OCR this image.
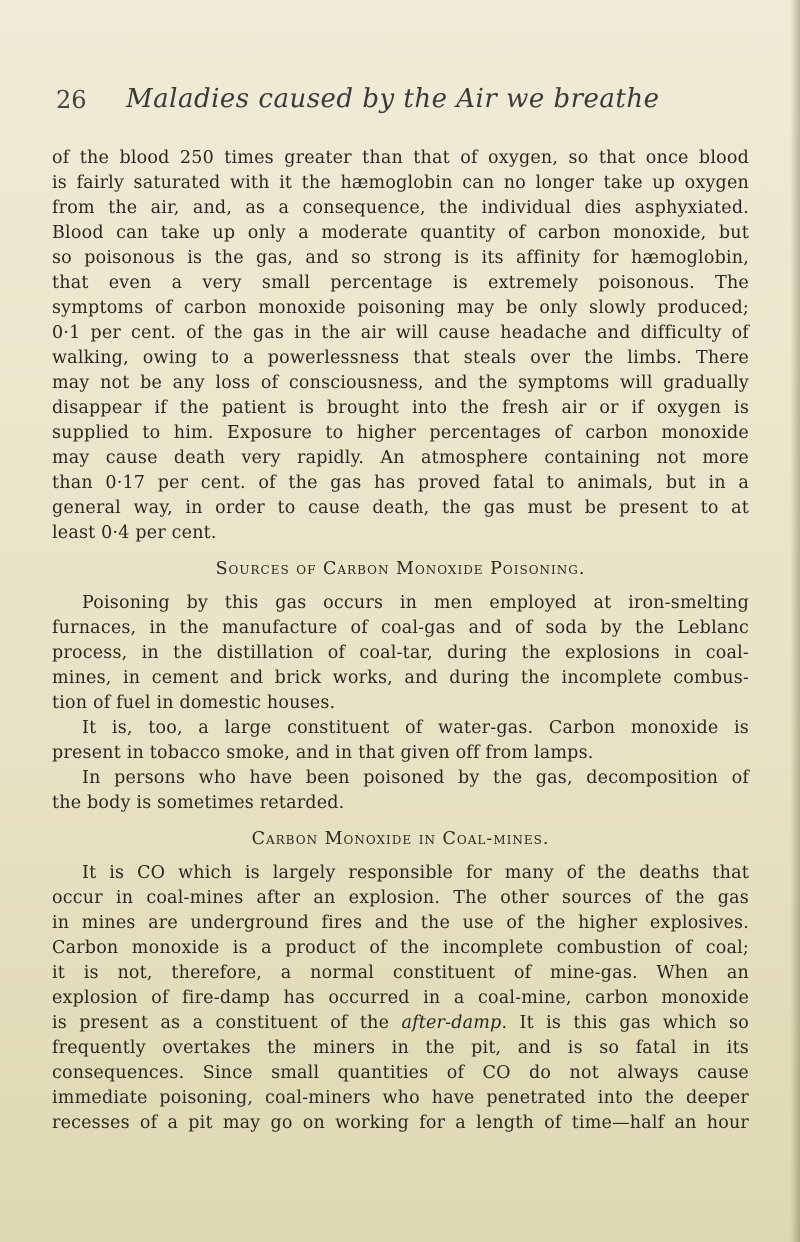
26 Maladies caused by the Air we breathe
of the blood 250 times greater than that of oxygen, so that once blood
is fairly saturated with it the hæmoglobin can no longer take up oxygen
from the air, and, as a consequence, the individual dies asphyxiated.
Blood can take up only a moderate quantity of carbon monoxide, but
so poisonous is the gas, and so strong is its affinity for hæmoglobin,
that even a very small percentage is extremely poisonous. The
symptoms of carbon monoxide poisoning may be only slowly produced;
0·1 per cent. of the gas in the air will cause headache and difficulty of
walking, owing to a powerlessness that steals over the limbs. There
may not be any loss of consciousness, and the symptoms will gradually
disappear if the patient is brought into the fresh air or if oxygen is
supplied to him. Exposure to higher percentages of carbon monoxide
may cause death very rapidly. An atmosphere containing not more
than 0·17 per cent. of the gas has proved fatal to animals, but in a
general way, in order to cause death, the gas must be present to at
least 0·4 per cent.
Sources of Carbon Monoxide Poisoning.
Poisoning by this gas occurs in men employed at iron-smelting
furnaces, in the manufacture of coal-gas and of soda by the Leblanc
process, in the distillation of coal-tar, during the explosions in coal-
mines, in cement and brick works, and during the incomplete combus-
tion of fuel in domestic houses.
It is, too, a large constituent of water-gas. Carbon monoxide is
present in tobacco smoke, and in that given off from lamps.
In persons who have been poisoned by the gas, decomposition of
the body is sometimes retarded.
Carbon Monoxide in Coal-mines.
It is CO which is largely responsible for many of the deaths that
occur in coal-mines after an explosion. The other sources of the gas
in mines are underground fires and the use of the higher explosives.
Carbon monoxide is a product of the incomplete combustion of coal;
it is not, therefore, a normal constituent of mine-gas. When an
explosion of fire-damp has occurred in a coal-mine, carbon monoxide
is present as a constituent of the after-damp. It is this gas which so
frequently overtakes the miners in the pit, and is so fatal in its
consequences. Since small quantities of CO do not always cause
immediate poisoning, coal-miners who have penetrated into the deeper
recesses of a pit may go on working for a length of time—half an hour
